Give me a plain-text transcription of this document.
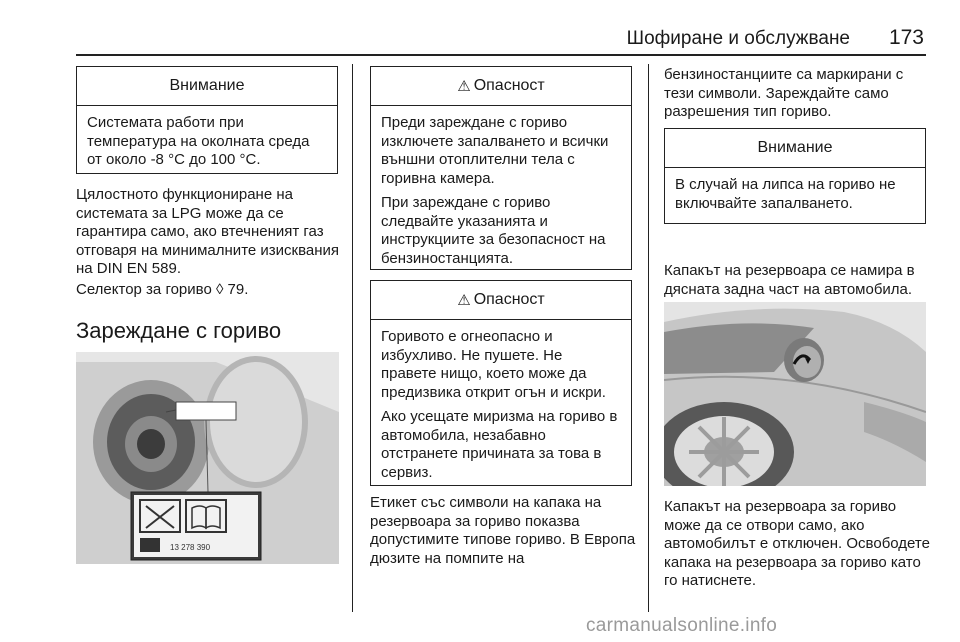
Шофиране и обслужване 173
Внимание
Системата работи при температура на околната среда от около -8 °C до 100 °C.

Цялостното функциониране на системата за LPG може да се гарантира само, ако втечненият газ отговаря на минималните изисквания на DIN EN 589.

Селектор за гориво ◊ 79.

Зареждане с гориво
13 278 390
⚠ Опасност

Преди зареждане с гориво изключете запалването и всички външни отоплителни тела с горивна камера.

При зареждане с гориво следвайте указанията и инструкциите за безопасност на бензиностанцията.

⚠ Опасност

Горивото е огнеопасно и избухливо. Не пушете. Не правете нищо, което може да предизвика открит огън и искри.

Ако усещате миризма на гориво в автомобила, незабавно отстранете причината за това в сервиз.

Етикет със символи на капака на резервоара за гориво показва допустимите типове гориво. В Европа дюзите на помпите на

бензиностанциите са маркирани с тези символи. Зареждайте само разрешения тип гориво.

Внимание
В случай на липса на гориво не включвайте запалването.

Капакът на резервоара се намира в дясната задна част на автомобила.

Капакът на резервоара за гориво може да се отвори само, ако автомобилът е отключен. Освободете капака на резервоара за гориво като го натиснете.

carmanualsonline.info
